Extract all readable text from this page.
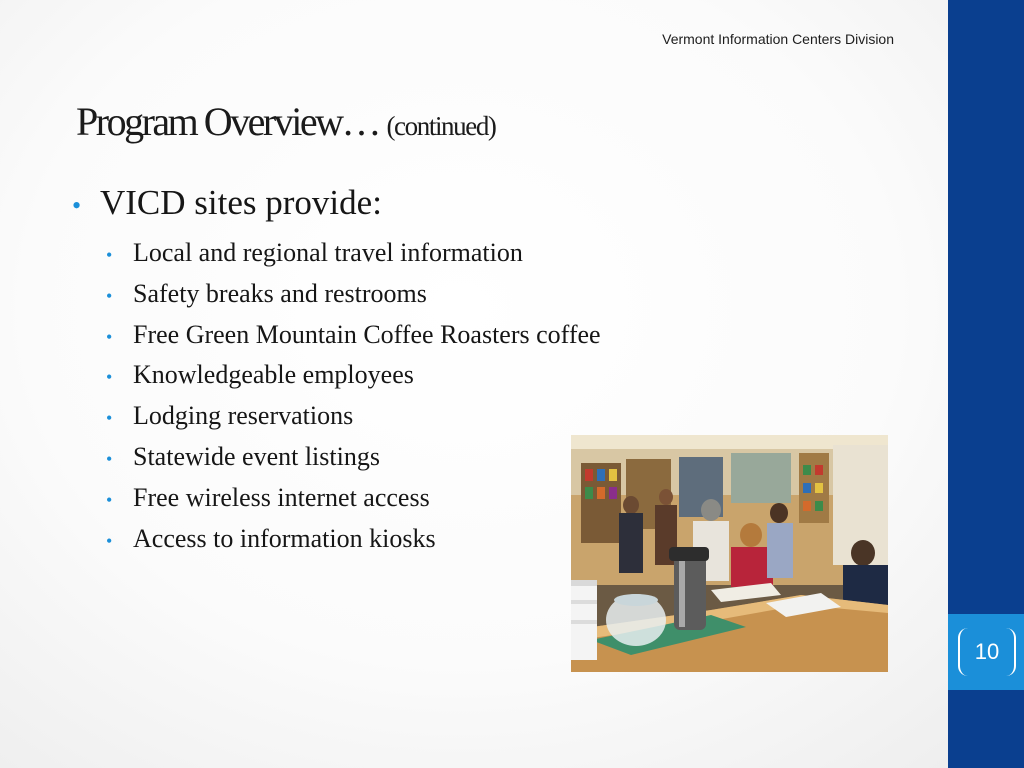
10
Vermont Information Centers Division
Program Overview… (continued)
• VICD sites provide:
• Local and regional travel information
• Safety breaks and restrooms
• Free Green Mountain Coffee Roasters coffee
• Knowledgeable employees
• Lodging reservations
• Statewide event listings
• Free wireless internet access
• Access to information kiosks
